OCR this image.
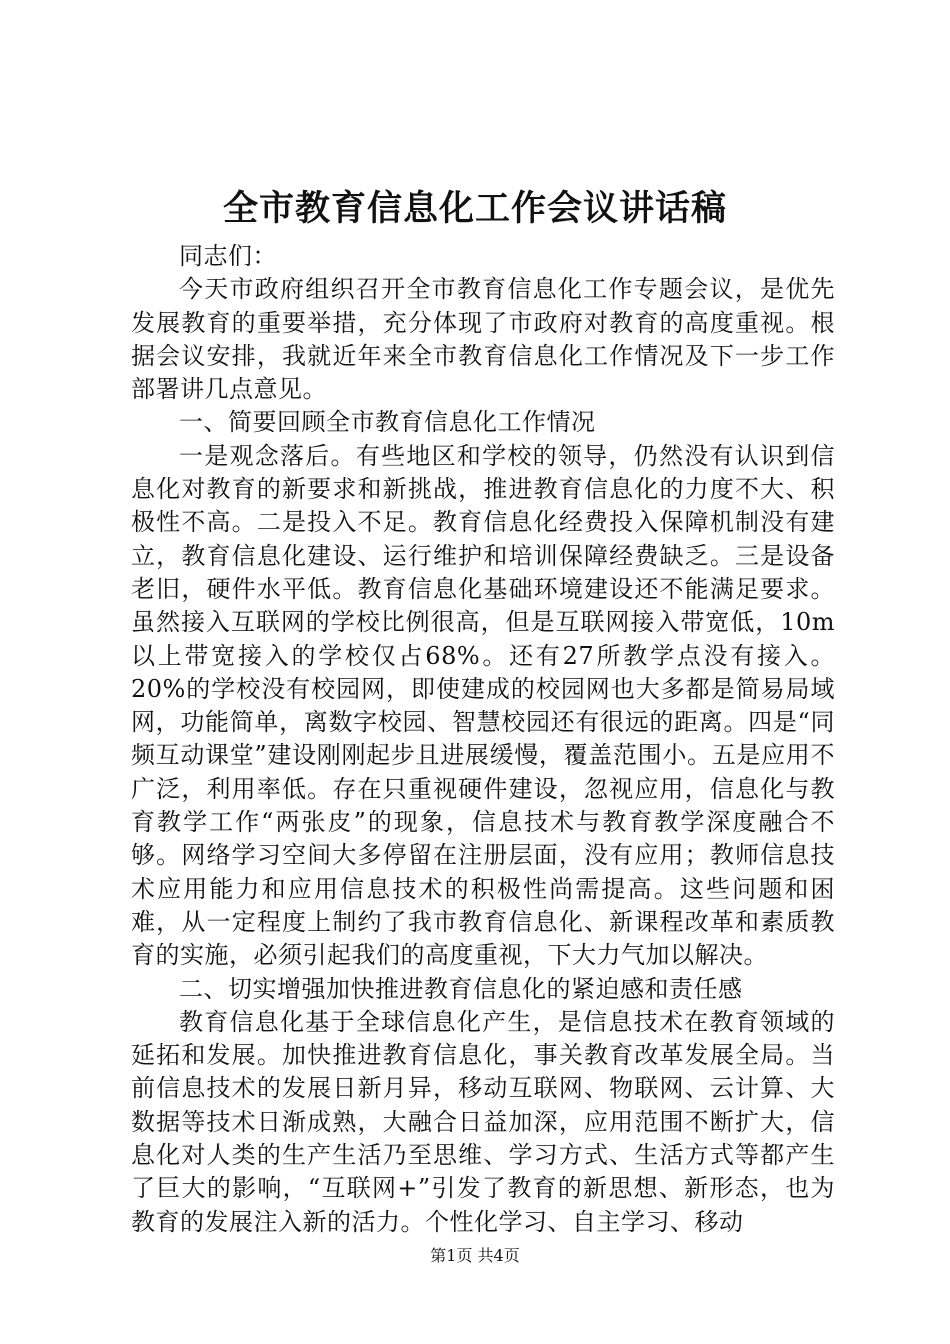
全市教育信息化工作会议讲话稿

同志们：

今天市政府组织召开全市教育信息化工作专题会议，是优先发展教育的重要举措，充分体现了市政府对教育的高度重视。根据会议安排，我就近年来全市教育信息化工作情况及下一步工作部署讲几点意见。

一、简要回顾全市教育信息化工作情况

一是观念落后。有些地区和学校的领导，仍然没有认识到信息化对教育的新要求和新挑战，推进教育信息化的力度不大、积极性不高。二是投入不足。教育信息化经费投入保障机制没有建立，教育信息化建设、运行维护和培训保障经费缺乏。三是设备老旧，硬件水平低。教育信息化基础环境建设还不能满足要求。虽然接入互联网的学校比例很高，但是互联网接入带宽低，10m以上带宽接入的学校仅占68%。还有27所教学点没有接入。20%的学校没有校园网，即使建成的校园网也大多都是简易局域网，功能简单，离数字校园、智慧校园还有很远的距离。四是“同频互动课堂”建设刚刚起步且进展缓慢，覆盖范围小。五是应用不广泛，利用率低。存在只重视硬件建设，忽视应用，信息化与教育教学工作“两张皮”的现象，信息技术与教育教学深度融合不够。网络学习空间大多停留在注册层面，没有应用；教师信息技术应用能力和应用信息技术的积极性尚需提高。这些问题和困难，从一定程度上制约了我市教育信息化、新课程改革和素质教育的实施，必须引起我们的高度重视，下大力气加以解决。

二、切实增强加快推进教育信息化的紧迫感和责任感

教育信息化基于全球信息化产生，是信息技术在教育领域的延拓和发展。加快推进教育信息化，事关教育改革发展全局。当前信息技术的发展日新月异，移动互联网、物联网、云计算、大数据等技术日渐成熟，大融合日益加深，应用范围不断扩大，信息化对人类的生产生活乃至思维、学习方式、生活方式等都产生了巨大的影响，“互联网+”引发了教育的新思想、新形态，也为教育的发展注入新的活力。个性化学习、自主学习、移动

第1页 共4页
